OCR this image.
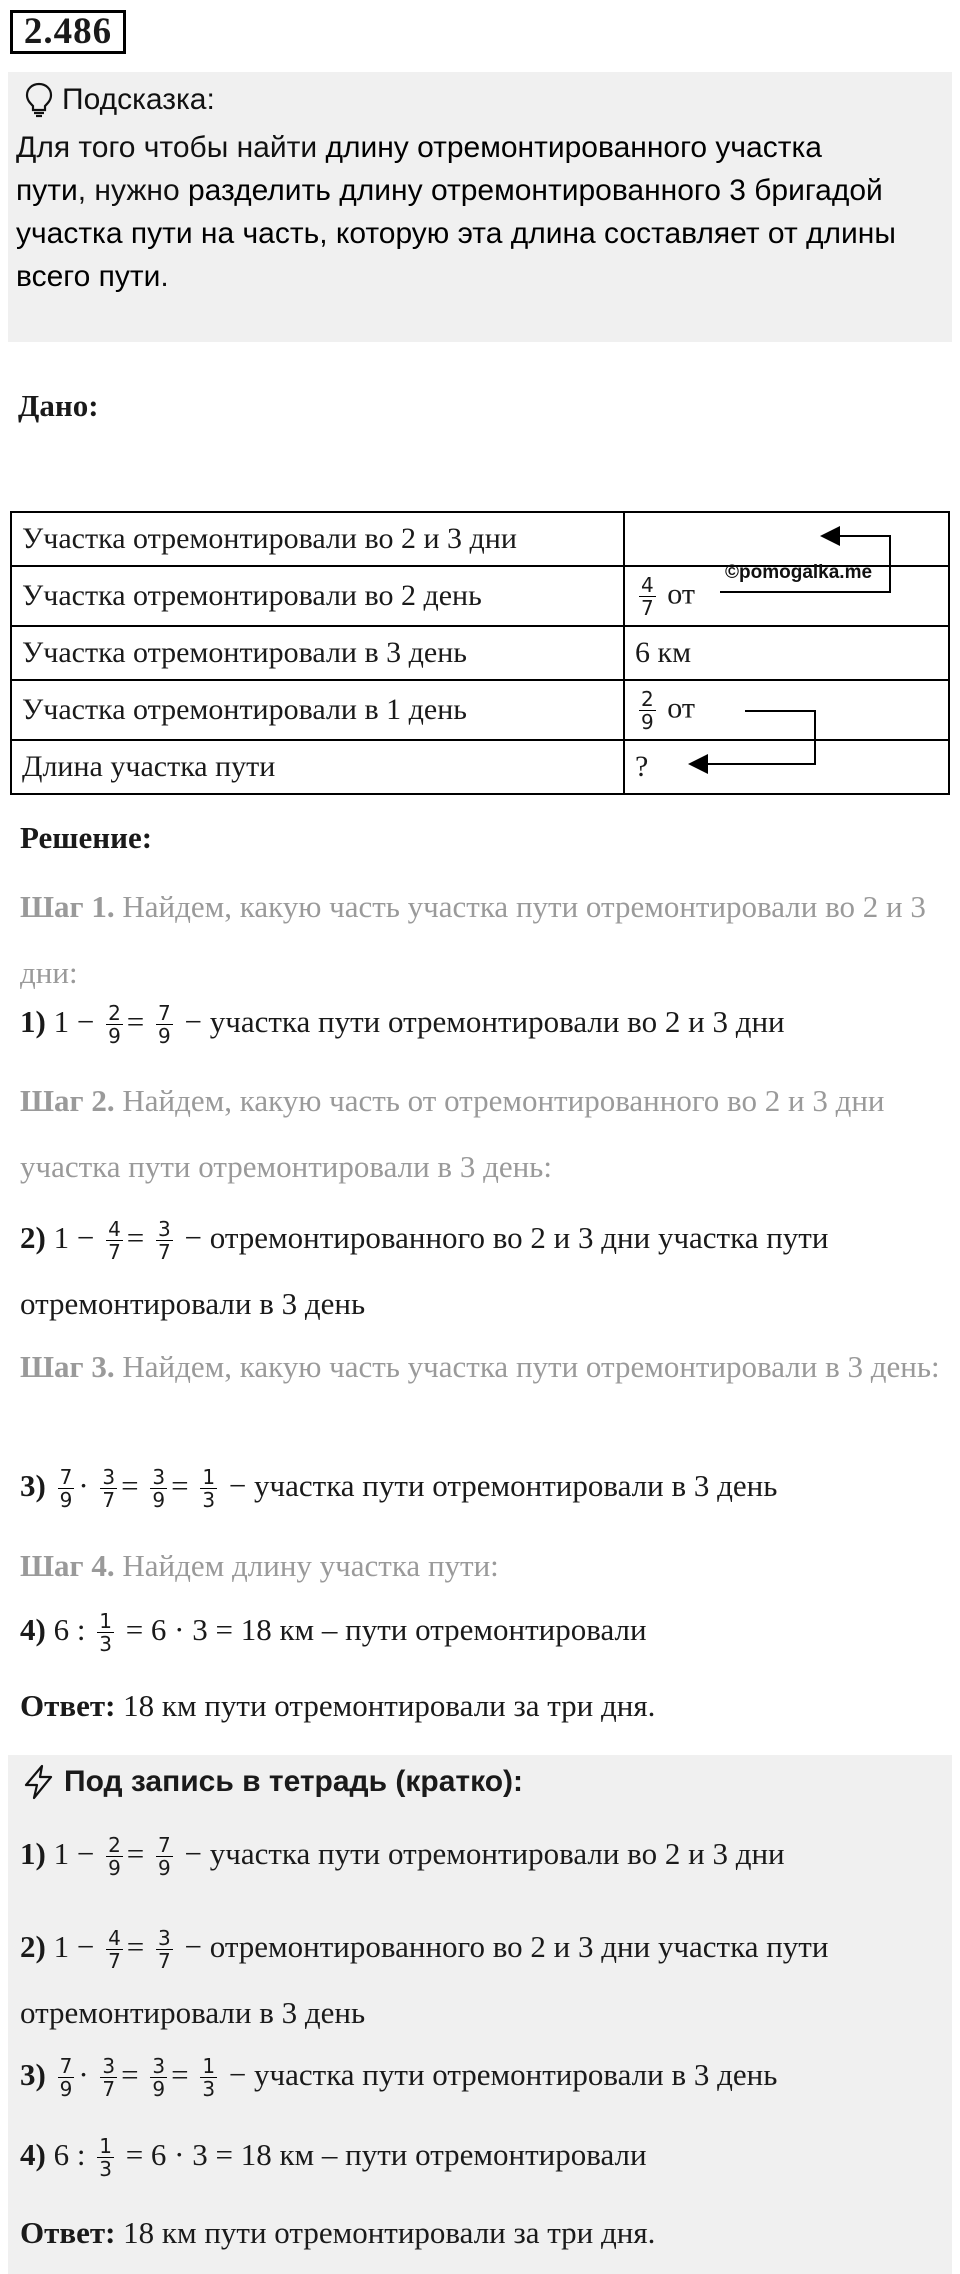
2.486
Подсказка:
Для того чтобы найти длину отремонтированного участка пути, нужно разделить длину отремонтированного 3 бригадой участка пути на часть, которую эта длина составляет от длины всего пути.
Дано:
Участка отремонтировали во 2 и 3 дни	
Участка отремонтировали во 2 день	$\frac{4}{7}$ от
Участка отремонтировали в 3 день	6 км
Участка отремонтировали в 1 день	$\frac{2}{9}$ от
Длина участка пути	?
©pomogalka.me
Решение:
Шаг 1. Найдем, какую часть участка пути отремонтировали во 2 и 3 дни:
1) $1 - \frac{2}{9} = \frac{7}{9}$ − участка пути отремонтировали во 2 и 3 дни
Шаг 2. Найдем, какую часть от отремонтированного во 2 и 3 дни участка пути отремонтировали в 3 день:
2) $1 - \frac{4}{7} = \frac{3}{7}$ − отремонтированного во 2 и 3 дни участка пути
отремонтировали в 3 день
Шаг 3. Найдем, какую часть участка пути отремонтировали в 3 день:
$3) \frac{7}{9} \cdot \frac{3}{7} = \frac{3}{9} = \frac{1}{3}$ − участка пути отремонтировали в 3 день
Шаг 4. Найдем длину участка пути:
4) 6 : $\frac{1}{3} = 6 \cdot 3 = 18$ км – пути отремонтировали
Ответ: 18 км пути отремонтировали за три дня.
Под запись в тетрадь (кратко):
1) $1 - \frac{2}{9} = \frac{7}{9}$ − участка пути отремонтировали во 2 и 3 дни
2) $1 - \frac{4}{7} = \frac{3}{7}$ − отремонтированного во 2 и 3 дни участка пути
отремонтировали в 3 день
$3) \frac{7}{9} \cdot \frac{3}{7} = \frac{3}{9} = \frac{1}{3}$ − участка пути отремонтировали в 3 день
4) 6 : $\frac{1}{3} = 6 \cdot 3 = 18$ км – пути отремонтировали
Ответ: 18 км пути отремонтировали за три дня.
